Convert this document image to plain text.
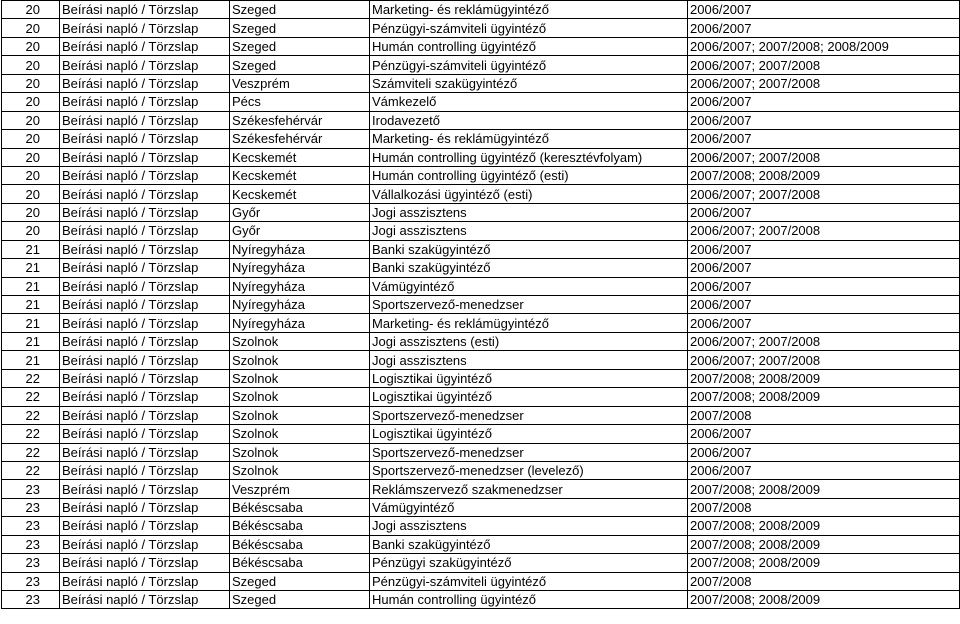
20	Beírási napló / Törzslap	Szeged	Marketing- és reklámügyintéző	2006/2007
20	Beírási napló / Törzslap	Szeged	Pénzügyi-számviteli ügyintéző	2006/2007
20	Beírási napló / Törzslap	Szeged	Humán controlling ügyintéző	2006/2007; 2007/2008; 2008/2009
20	Beírási napló / Törzslap	Szeged	Pénzügyi-számviteli ügyintéző	2006/2007; 2007/2008
20	Beírási napló / Törzslap	Veszprém	Számviteli szakügyintéző	2006/2007; 2007/2008
20	Beírási napló / Törzslap	Pécs	Vámkezelő	2006/2007
20	Beírási napló / Törzslap	Székesfehérvár	Irodavezető	2006/2007
20	Beírási napló / Törzslap	Székesfehérvár	Marketing- és reklámügyintéző	2006/2007
20	Beírási napló / Törzslap	Kecskemét	Humán controlling ügyintéző (keresztévfolyam)	2006/2007; 2007/2008
20	Beírási napló / Törzslap	Kecskemét	Humán controlling ügyintéző (esti)	2007/2008; 2008/2009
20	Beírási napló / Törzslap	Kecskemét	Vállalkozási ügyintéző (esti)	2006/2007; 2007/2008
20	Beírási napló / Törzslap	Győr	Jogi asszisztens	2006/2007
20	Beírási napló / Törzslap	Győr	Jogi asszisztens	2006/2007; 2007/2008
21	Beírási napló / Törzslap	Nyíregyháza	Banki szakügyintéző	2006/2007
21	Beírási napló / Törzslap	Nyíregyháza	Banki szakügyintéző	2006/2007
21	Beírási napló / Törzslap	Nyíregyháza	Vámügyintéző	2006/2007
21	Beírási napló / Törzslap	Nyíregyháza	Sportszervező-menedzser	2006/2007
21	Beírási napló / Törzslap	Nyíregyháza	Marketing- és reklámügyintéző	2006/2007
21	Beírási napló / Törzslap	Szolnok	Jogi asszisztens (esti)	2006/2007; 2007/2008
21	Beírási napló / Törzslap	Szolnok	Jogi asszisztens	2006/2007; 2007/2008
22	Beírási napló / Törzslap	Szolnok	Logisztikai ügyintéző	2007/2008; 2008/2009
22	Beírási napló / Törzslap	Szolnok	Logisztikai ügyintéző	2007/2008; 2008/2009
22	Beírási napló / Törzslap	Szolnok	Sportszervező-menedzser	2007/2008
22	Beírási napló / Törzslap	Szolnok	Logisztikai ügyintéző	2006/2007
22	Beírási napló / Törzslap	Szolnok	Sportszervező-menedzser	2006/2007
22	Beírási napló / Törzslap	Szolnok	Sportszervező-menedzser (levelező)	2006/2007
23	Beírási napló / Törzslap	Veszprém	Reklámszervező szakmenedzser	2007/2008; 2008/2009
23	Beírási napló / Törzslap	Békéscsaba	Vámügyintéző	2007/2008
23	Beírási napló / Törzslap	Békéscsaba	Jogi asszisztens	2007/2008; 2008/2009
23	Beírási napló / Törzslap	Békéscsaba	Banki szakügyintéző	2007/2008; 2008/2009
23	Beírási napló / Törzslap	Békéscsaba	Pénzügyi szakügyintéző	2007/2008; 2008/2009
23	Beírási napló / Törzslap	Szeged	Pénzügyi-számviteli ügyintéző	2007/2008
23	Beírási napló / Törzslap	Szeged	Humán controlling ügyintéző	2007/2008; 2008/2009
